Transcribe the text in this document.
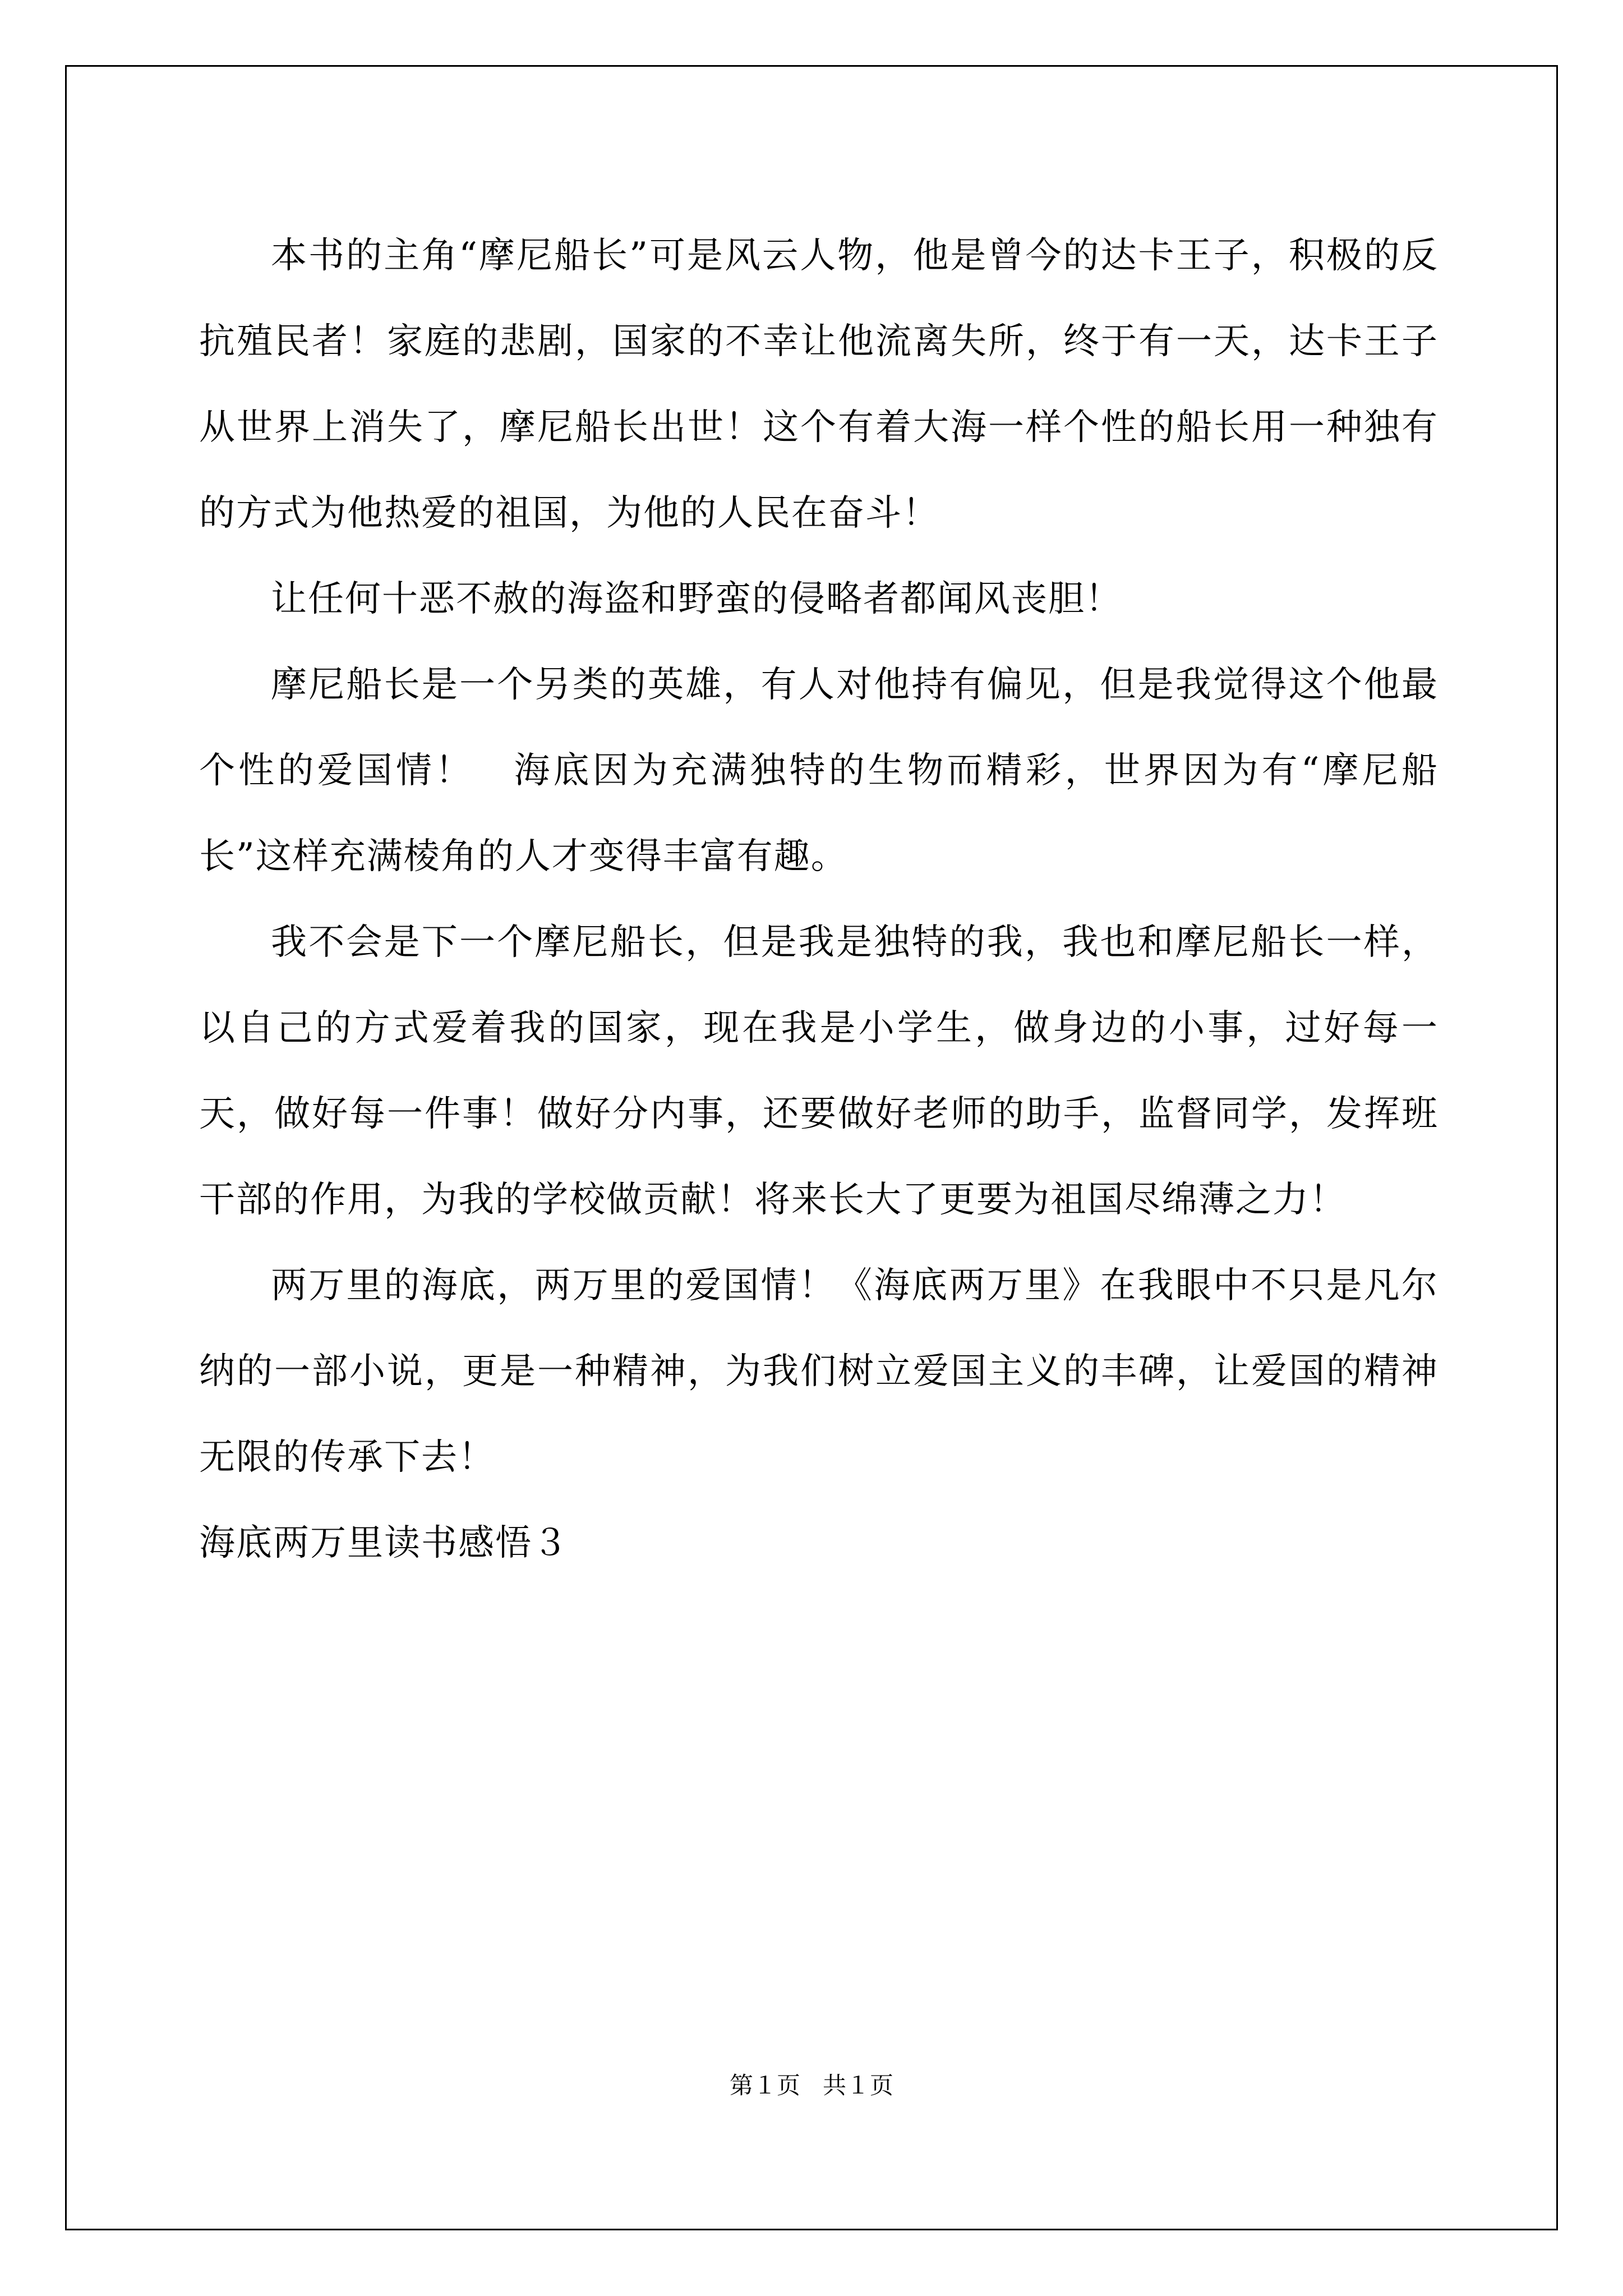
本书的主角“摩尼船长”可是风云人物，他是曾今的达卡王子，积极的反抗殖民者！家庭的悲剧，国家的不幸让他流离失所，终于有一天，达卡王子从世界上消失了，摩尼船长出世！这个有着大海一样个性的船长用一种独有的方式为他热爱的祖国，为他的人民在奋斗！

让任何十恶不赦的海盗和野蛮的侵略者都闻风丧胆！

摩尼船长是一个另类的英雄，有人对他持有偏见，但是我觉得这个他最个性的爱国情！　海底因为充满独特的生物而精彩，世界因为有“摩尼船长”这样充满棱角的人才变得丰富有趣。

我不会是下一个摩尼船长，但是我是独特的我，我也和摩尼船长一样，以自己的方式爱着我的国家，现在我是小学生，做身边的小事，过好每一天，做好每一件事！做好分内事，还要做好老师的助手，监督同学，发挥班干部的作用，为我的学校做贡献！将来长大了更要为祖国尽绵薄之力！

两万里的海底，两万里的爱国情！《海底两万里》在我眼中不只是凡尔纳的一部小说，更是一种精神，为我们树立爱国主义的丰碑，让爱国的精神无限的传承下去！

海底两万里读书感悟３

第１页 共１页
